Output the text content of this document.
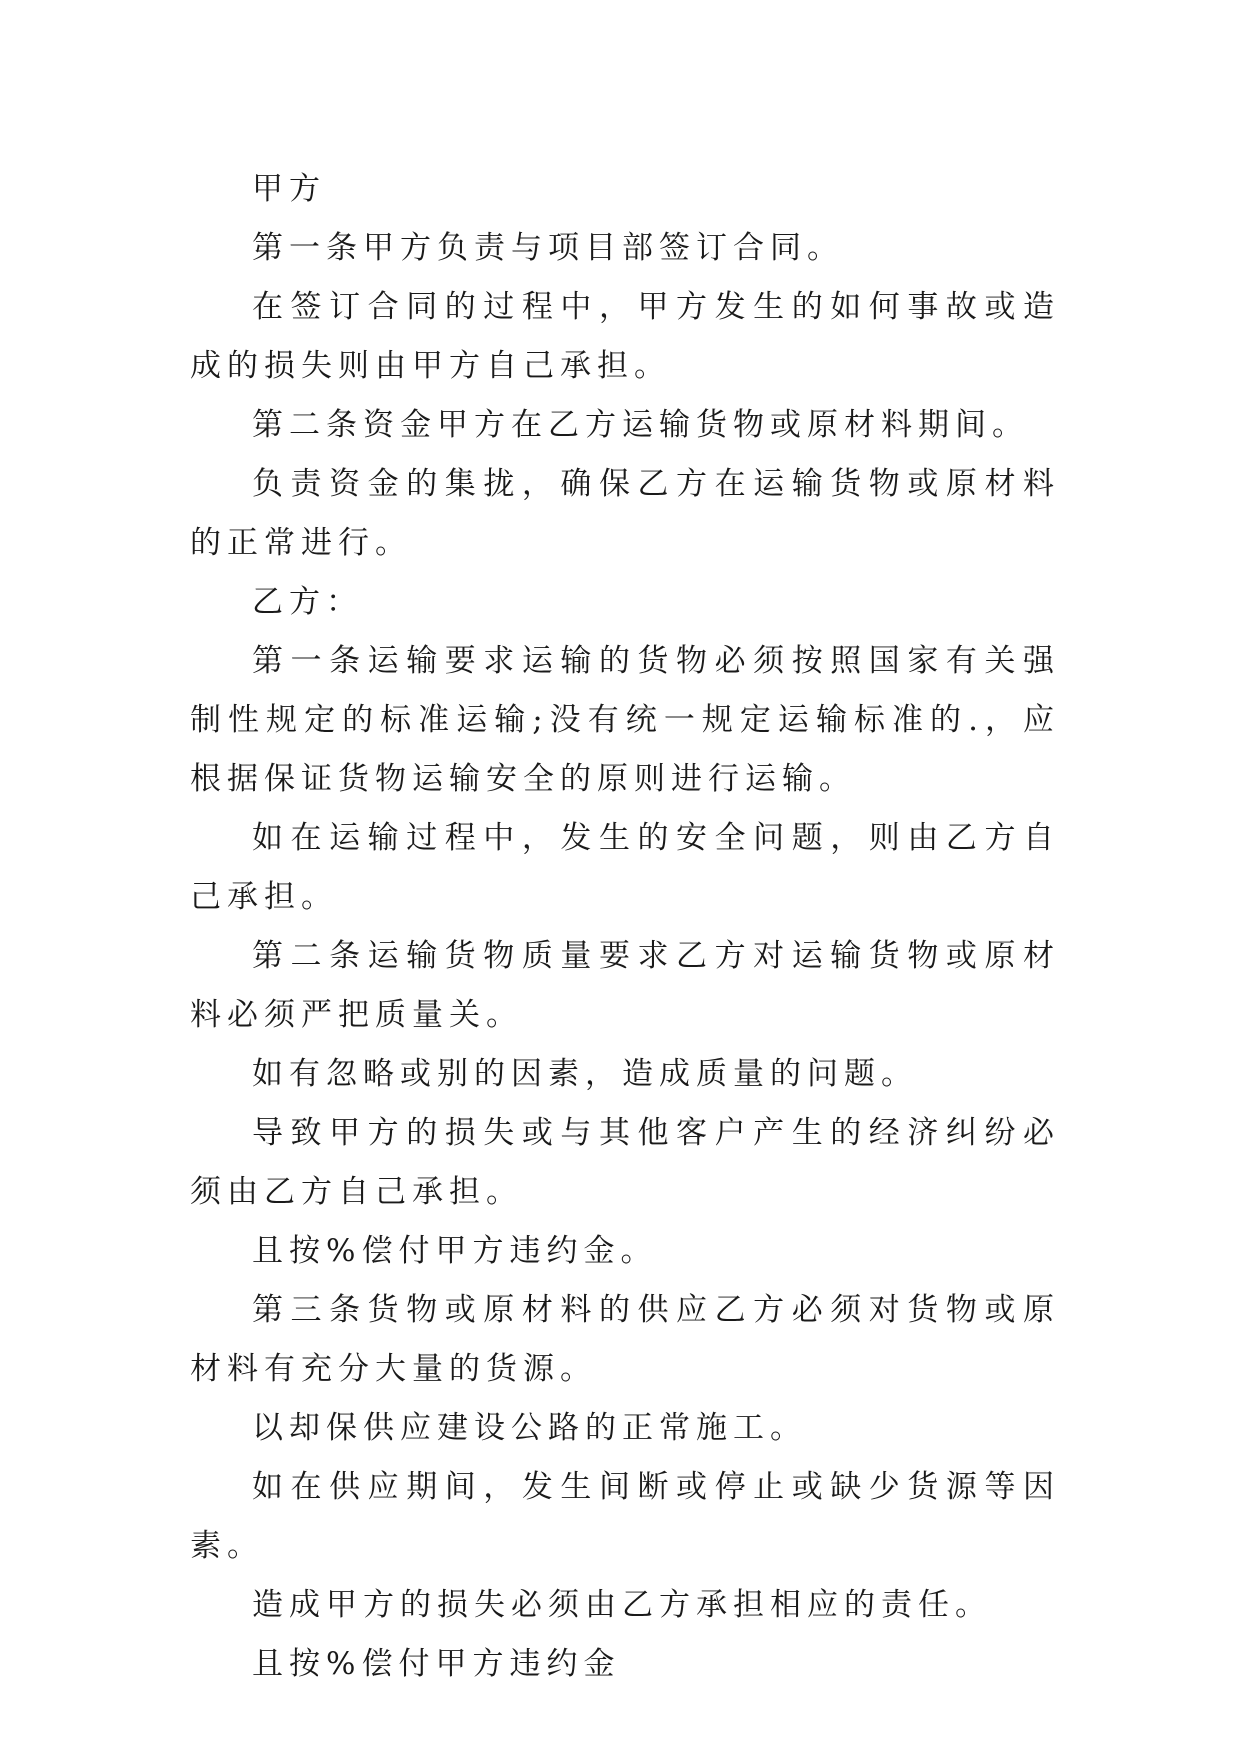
甲方

第一条甲方负责与项目部签订合同。

在签订合同的过程中，甲方发生的如何事故或造成的损失则由甲方自己承担。

第二条资金甲方在乙方运输货物或原材料期间。

负责资金的集拢，确保乙方在运输货物或原材料的正常进行。

乙方：

第一条运输要求运输的货物必须按照国家有关强制性规定的标准运输;没有统一规定运输标准的.，应根据保证货物运输安全的原则进行运输。

如在运输过程中，发生的安全问题，则由乙方自己承担。

第二条运输货物质量要求乙方对运输货物或原材料必须严把质量关。

如有忽略或别的因素，造成质量的问题。

导致甲方的损失或与其他客户产生的经济纠纷必须由乙方自己承担。

且按%偿付甲方违约金。

第三条货物或原材料的供应乙方必须对货物或原材料有充分大量的货源。

以却保供应建设公路的正常施工。

如在供应期间，发生间断或停止或缺少货源等因素。

造成甲方的损失必须由乙方承担相应的责任。

且按%偿付甲方违约金
